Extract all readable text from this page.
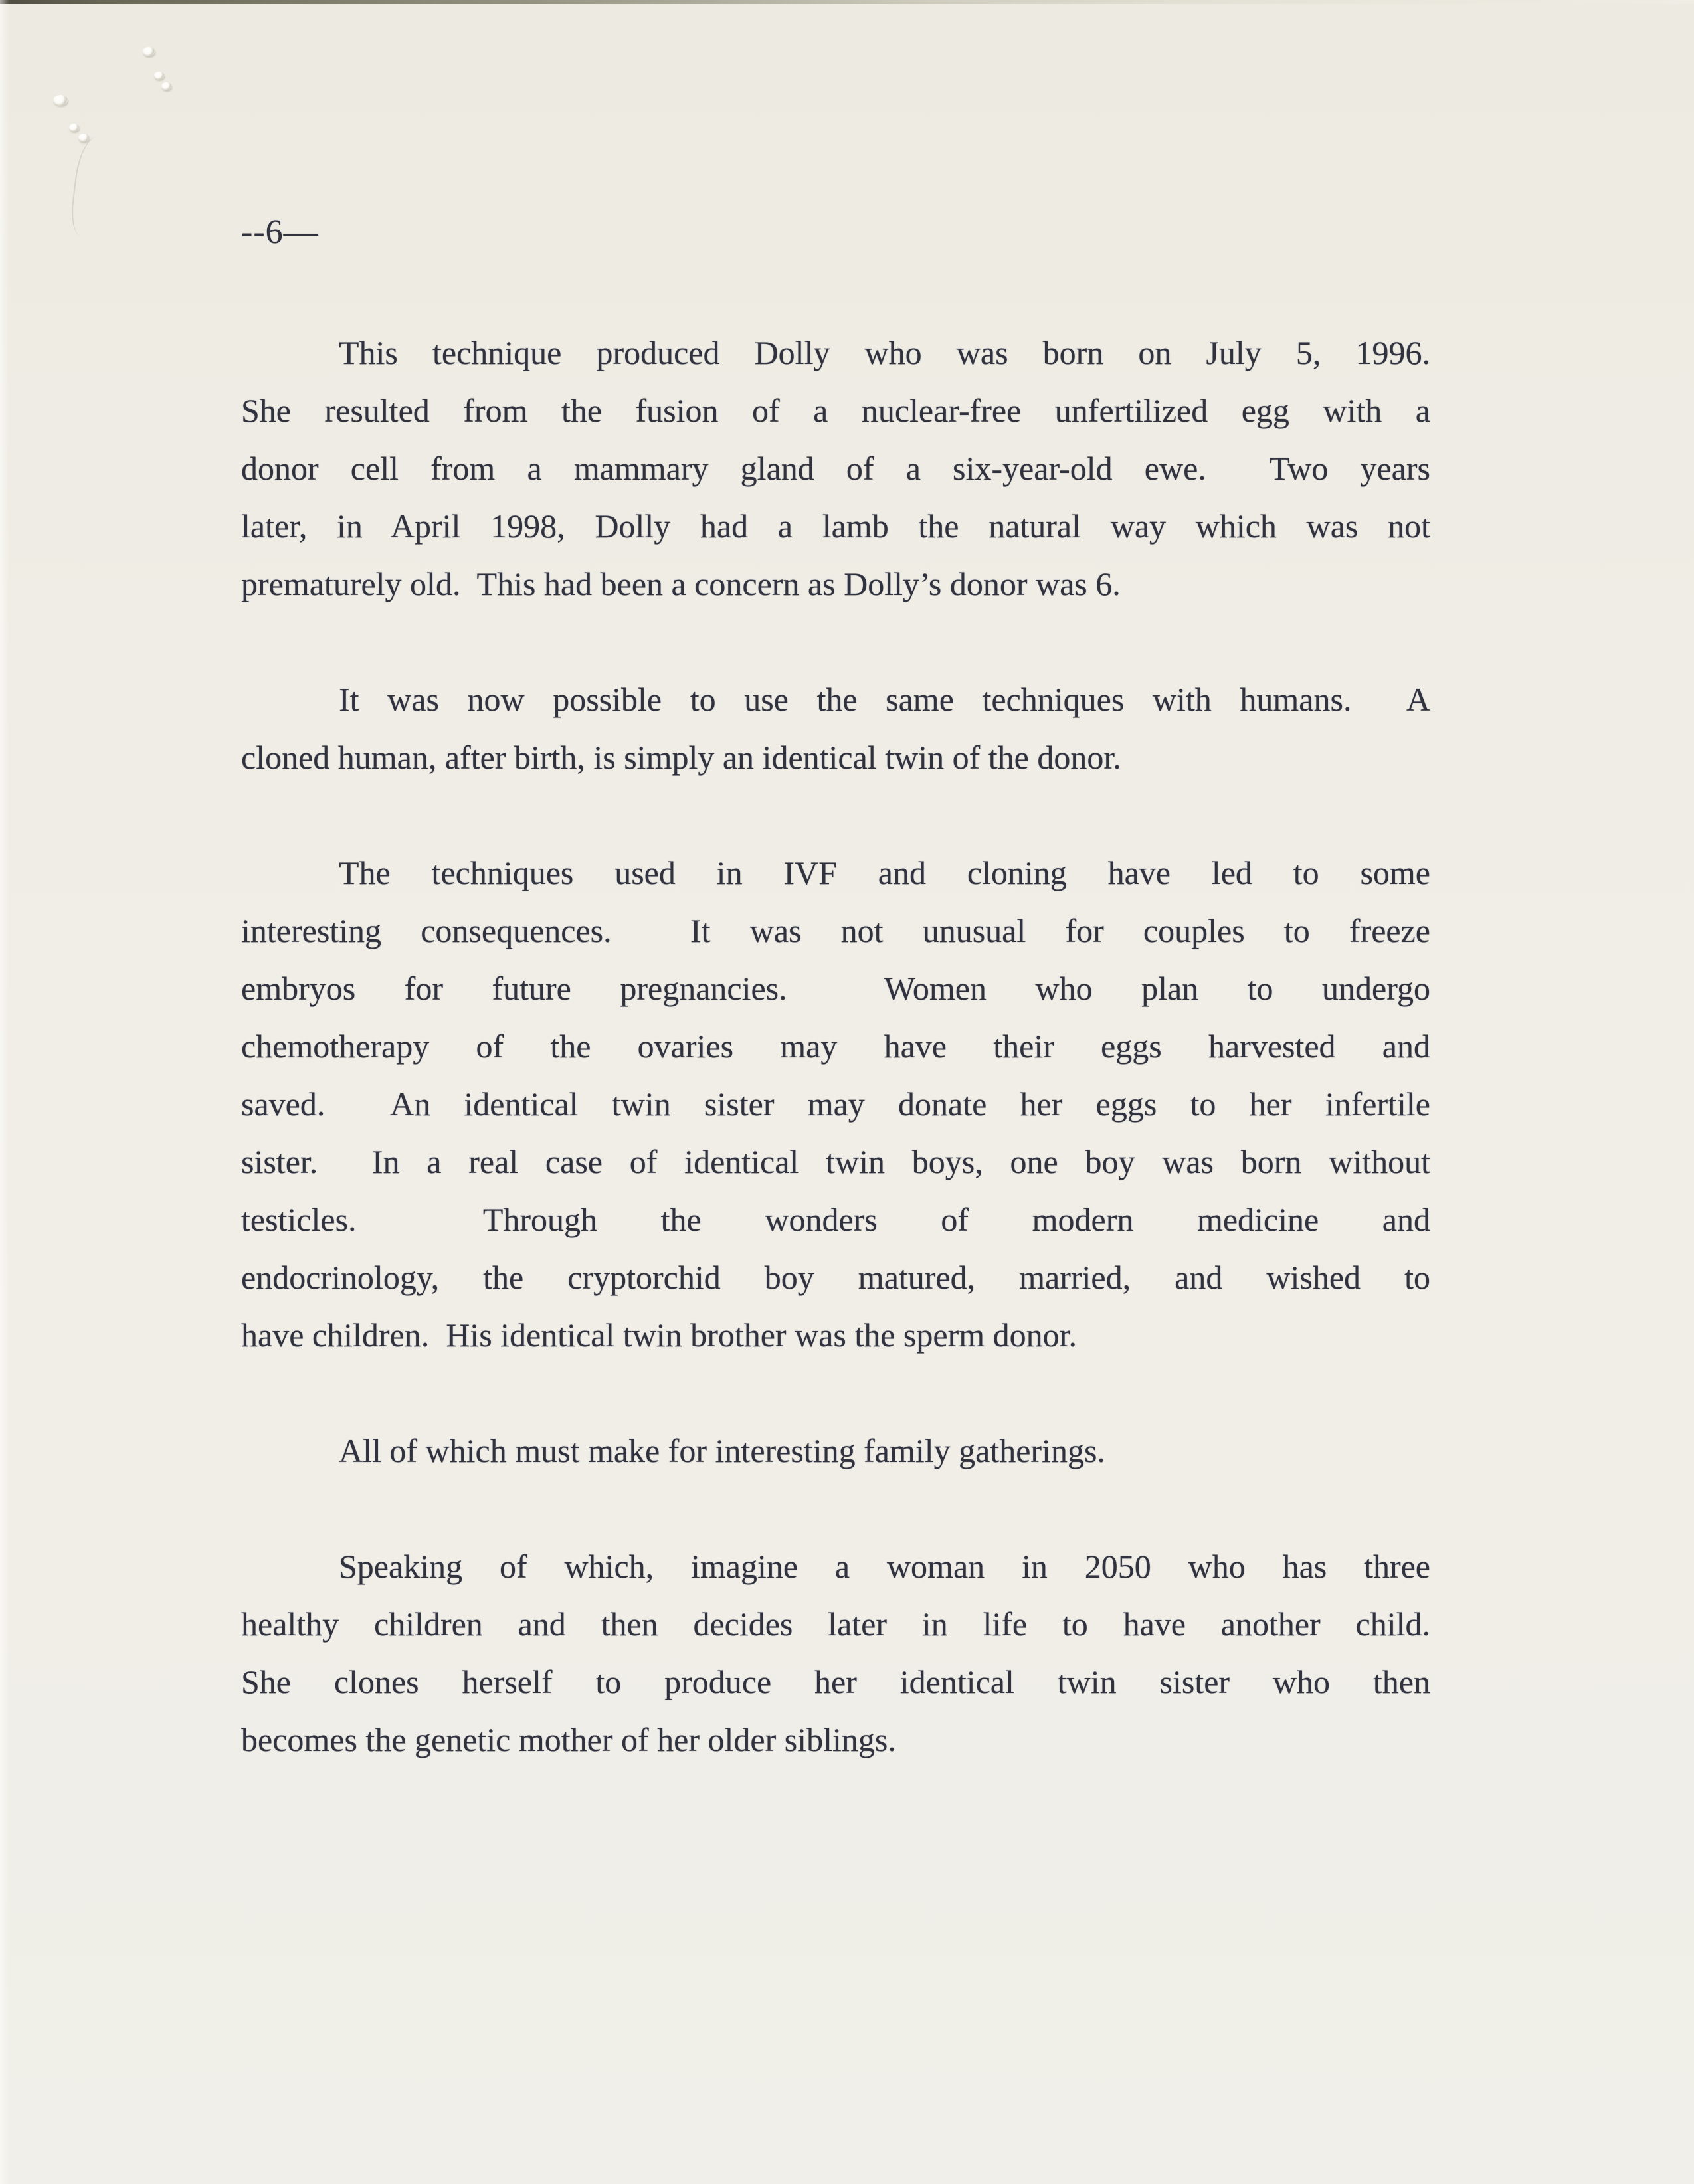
--6—
This technique produced Dolly who was born on July 5, 1996.
She resulted from the fusion of a nuclear-free unfertilized egg with a
donor cell from a mammary gland of a six-year-old ewe.  Two years
later, in April 1998, Dolly had a lamb the natural way which was not
prematurely old.  This had been a concern as Dolly’s donor was 6.
It was now possible to use the same techniques with humans.  A
cloned human, after birth, is simply an identical twin of the donor.
The techniques used in IVF and cloning have led to some
interesting consequences.  It was not unusual for couples to freeze
embryos for future pregnancies.  Women who plan to undergo
chemotherapy of the ovaries may have their eggs harvested and
saved.  An identical twin sister may donate her eggs to her infertile
sister.  In a real case of identical twin boys, one boy was born without
testicles.  Through the wonders of modern medicine and
endocrinology, the cryptorchid boy matured, married, and wished to
have children.  His identical twin brother was the sperm donor.
All of which must make for interesting family gatherings.
Speaking of which, imagine a woman in 2050 who has three
healthy children and then decides later in life to have another child.
She clones herself to produce her identical twin sister who then
becomes the genetic mother of her older siblings.
